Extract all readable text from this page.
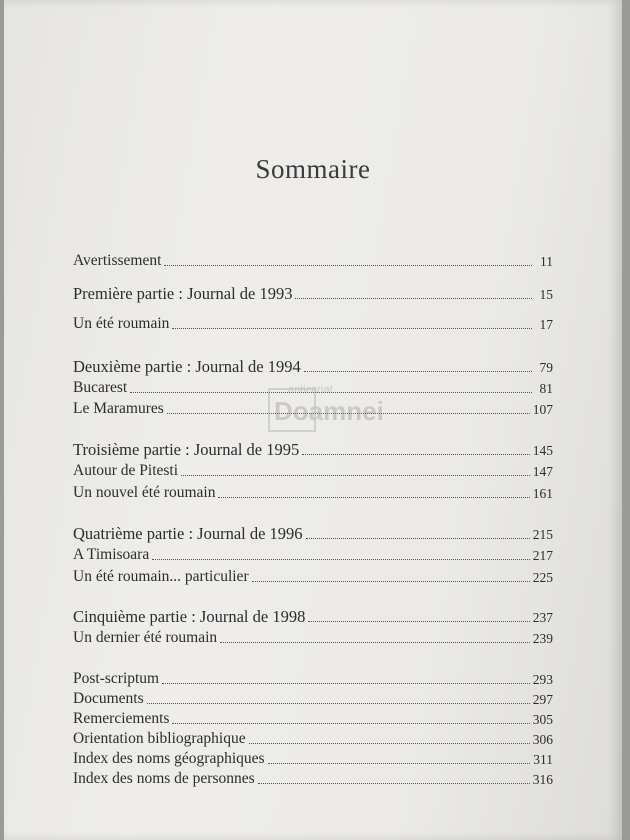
Sommaire
Avertissement	11
Première partie : Journal de 1993	15
Un été roumain	17
Deuxième partie : Journal de 1994	79
Bucarest	81
Le Maramures	107
Troisième partie : Journal de 1995	145
Autour de Pitesti	147
Un nouvel été roumain	161
Quatrième partie : Journal de 1996	215
A Timisoara	217
Un été roumain... particulier	225
Cinquième partie : Journal de 1998	237
Un dernier été roumain	239
Post-scriptum	293
Documents	297
Remerciements	305
Orientation bibliographique	306
Index des noms géographiques	311
Index des noms de personnes	316
anticariat
Doamnei
